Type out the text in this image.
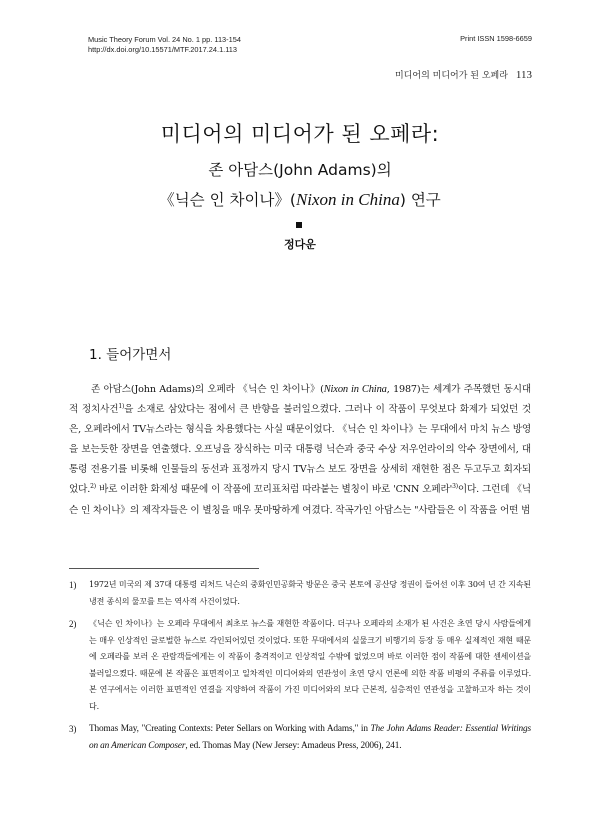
Music Theory Forum Vol. 24 No. 1 pp. 113-154
http://dx.doi.org/10.15571/MTF.2017.24.1.113
Print ISSN 1598-6659
미디어의 미디어가 된 오페라 113
미디어의 미디어가 된 오페라:
존 아담스(John Adams)의
《닉슨 인 차이나》(Nixon in China) 연구
정다운
1. 들어가면서

존 아담스(John Adams)의 오페라 《닉슨 인 차이나》(Nixon in China, 1987)는 세계가 주목했던 동시대적 정치사건$^{1)}$을 소재로 삼았다는 점에서 큰 반향을 불러일으켰다. 그러나 이 작품이 무엇보다 화제가 되었던 것은, 오페라에서 TV뉴스라는 형식을 차용했다는 사실 때문이었다. 《닉슨 인 차이나》는 무대에서 마치 뉴스 방영을 보는듯한 장면을 연출했다. 오프닝을 장식하는 미국 대통령 닉슨과 중국 수상 저우언라이의 악수 장면에서, 대통령 전용기를 비롯해 인물들의 동선과 표정까지 당시 TV뉴스 보도 장면을 상세히 재현한 점은 두고두고 회자되었다.$^{2)}$ 바로 이러한 화제성 때문에 이 작품에 꼬리표처럼 따라붙는 별칭이 바로 'CNN 오페라'$^{3)}$이다. 그런데 《닉슨 인 차이나》의 제작자들은 이 별칭을 매우 못마땅하게 여겼다. 작곡가인 아담스는 "사람들은 이 작품을 어떤 범

1) 1972년 미국의 제 37대 대통령 리처드 닉슨의 중화인민공화국 방문은 중국 본토에 공산당 정권이 들어선 이후 30여 년 간 지속된 냉전 종식의 물꼬를 트는 역사적 사건이었다.
2) 《닉슨 인 차이나》는 오페라 무대에서 최초로 뉴스를 재현한 작품이다. 더구나 오페라의 소재가 된 사건은 초연 당시 사람들에게는 매우 인상적인 글로벌한 뉴스로 각인되어있던 것이었다. 또한 무대에서의 실물크기 비행기의 등장 등 매우 실제적인 재현 때문에 오페라를 보러 온 관람객들에게는 이 작품이 충격적이고 인상적일 수밖에 없었으며 바로 이러한 점이 작품에 대한 센세이션을 불러일으켰다. 때문에 본 작품은 표면적이고 일차적인 미디어와의 연관성이 초연 당시 언론에 의한 작품 비평의 주류를 이루었다. 본 연구에서는 이러한 표면적인 연결을 지양하여 작품이 가진 미디어와의 보다 근본적, 심층적인 연관성을 고찰하고자 하는 것이다.
3) Thomas May, "Creating Contexts: Peter Sellars on Working with Adams," in The John Adams Reader: Essential Writings on an American Composer, ed. Thomas May (New Jersey: Amadeus Press, 2006), 241.
